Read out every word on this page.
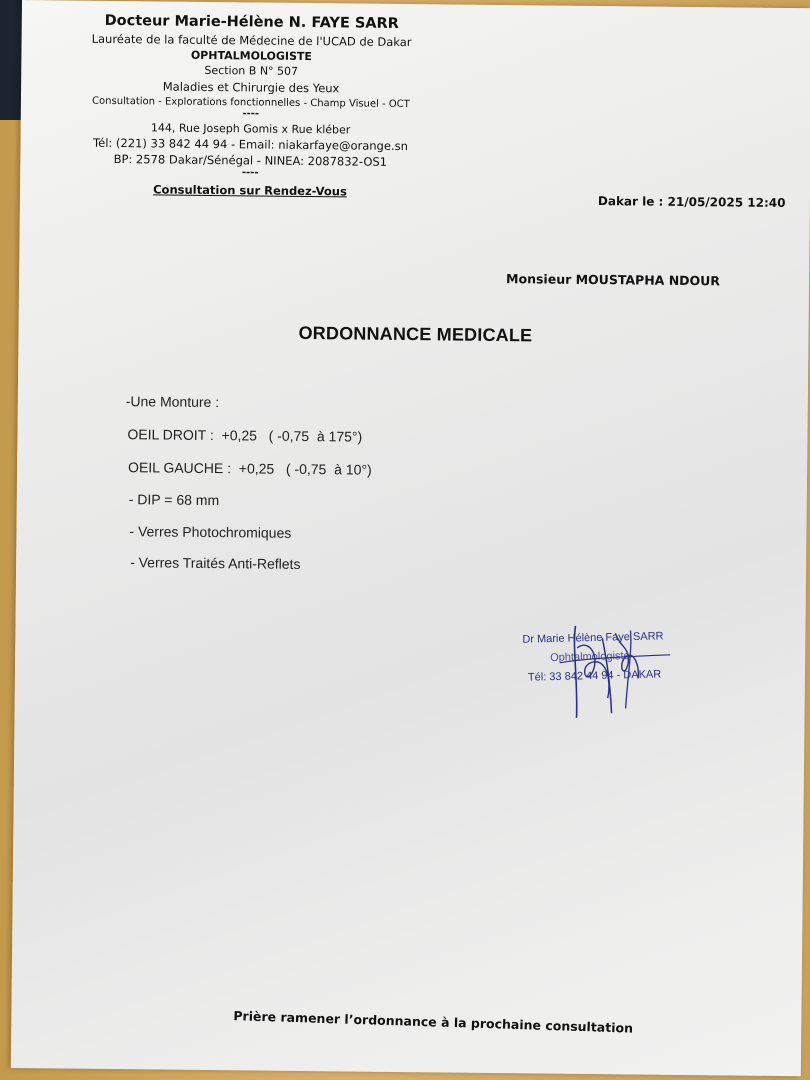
Docteur Marie-Hélène N. FAYE SARR
Lauréate de la faculté de Médecine de l'UCAD de Dakar
OPHTALMOLOGISTE
Section B N° 507
Maladies et Chirurgie des Yeux
Consultation - Explorations fonctionnelles - Champ Visuel - OCT
----
144, Rue Joseph Gomis x Rue kléber
Tél: (221) 33 842 44 94 - Email: niakarfaye@orange.sn
BP: 2578 Dakar/Sénégal - NINEA: 2087832-OS1
----
Consultation sur Rendez-Vous
Dakar le : 21/05/2025 12:40
Monsieur MOUSTAPHA NDOUR
ORDONNANCE MEDICALE
-Une Monture :
OEIL DROIT :  +0,25   ( -0,75  à 175°)
OEIL GAUCHE :  +0,25   ( -0,75  à 10°)
- DIP = 68 mm
- Verres Photochromiques
- Verres Traités Anti-Reflets
Dr Marie Hélène Faye SARR
Ophtalmologiste
Tél: 33 842 44 94 - DAKAR
Prière ramener l’ordonnance à la prochaine consultation
